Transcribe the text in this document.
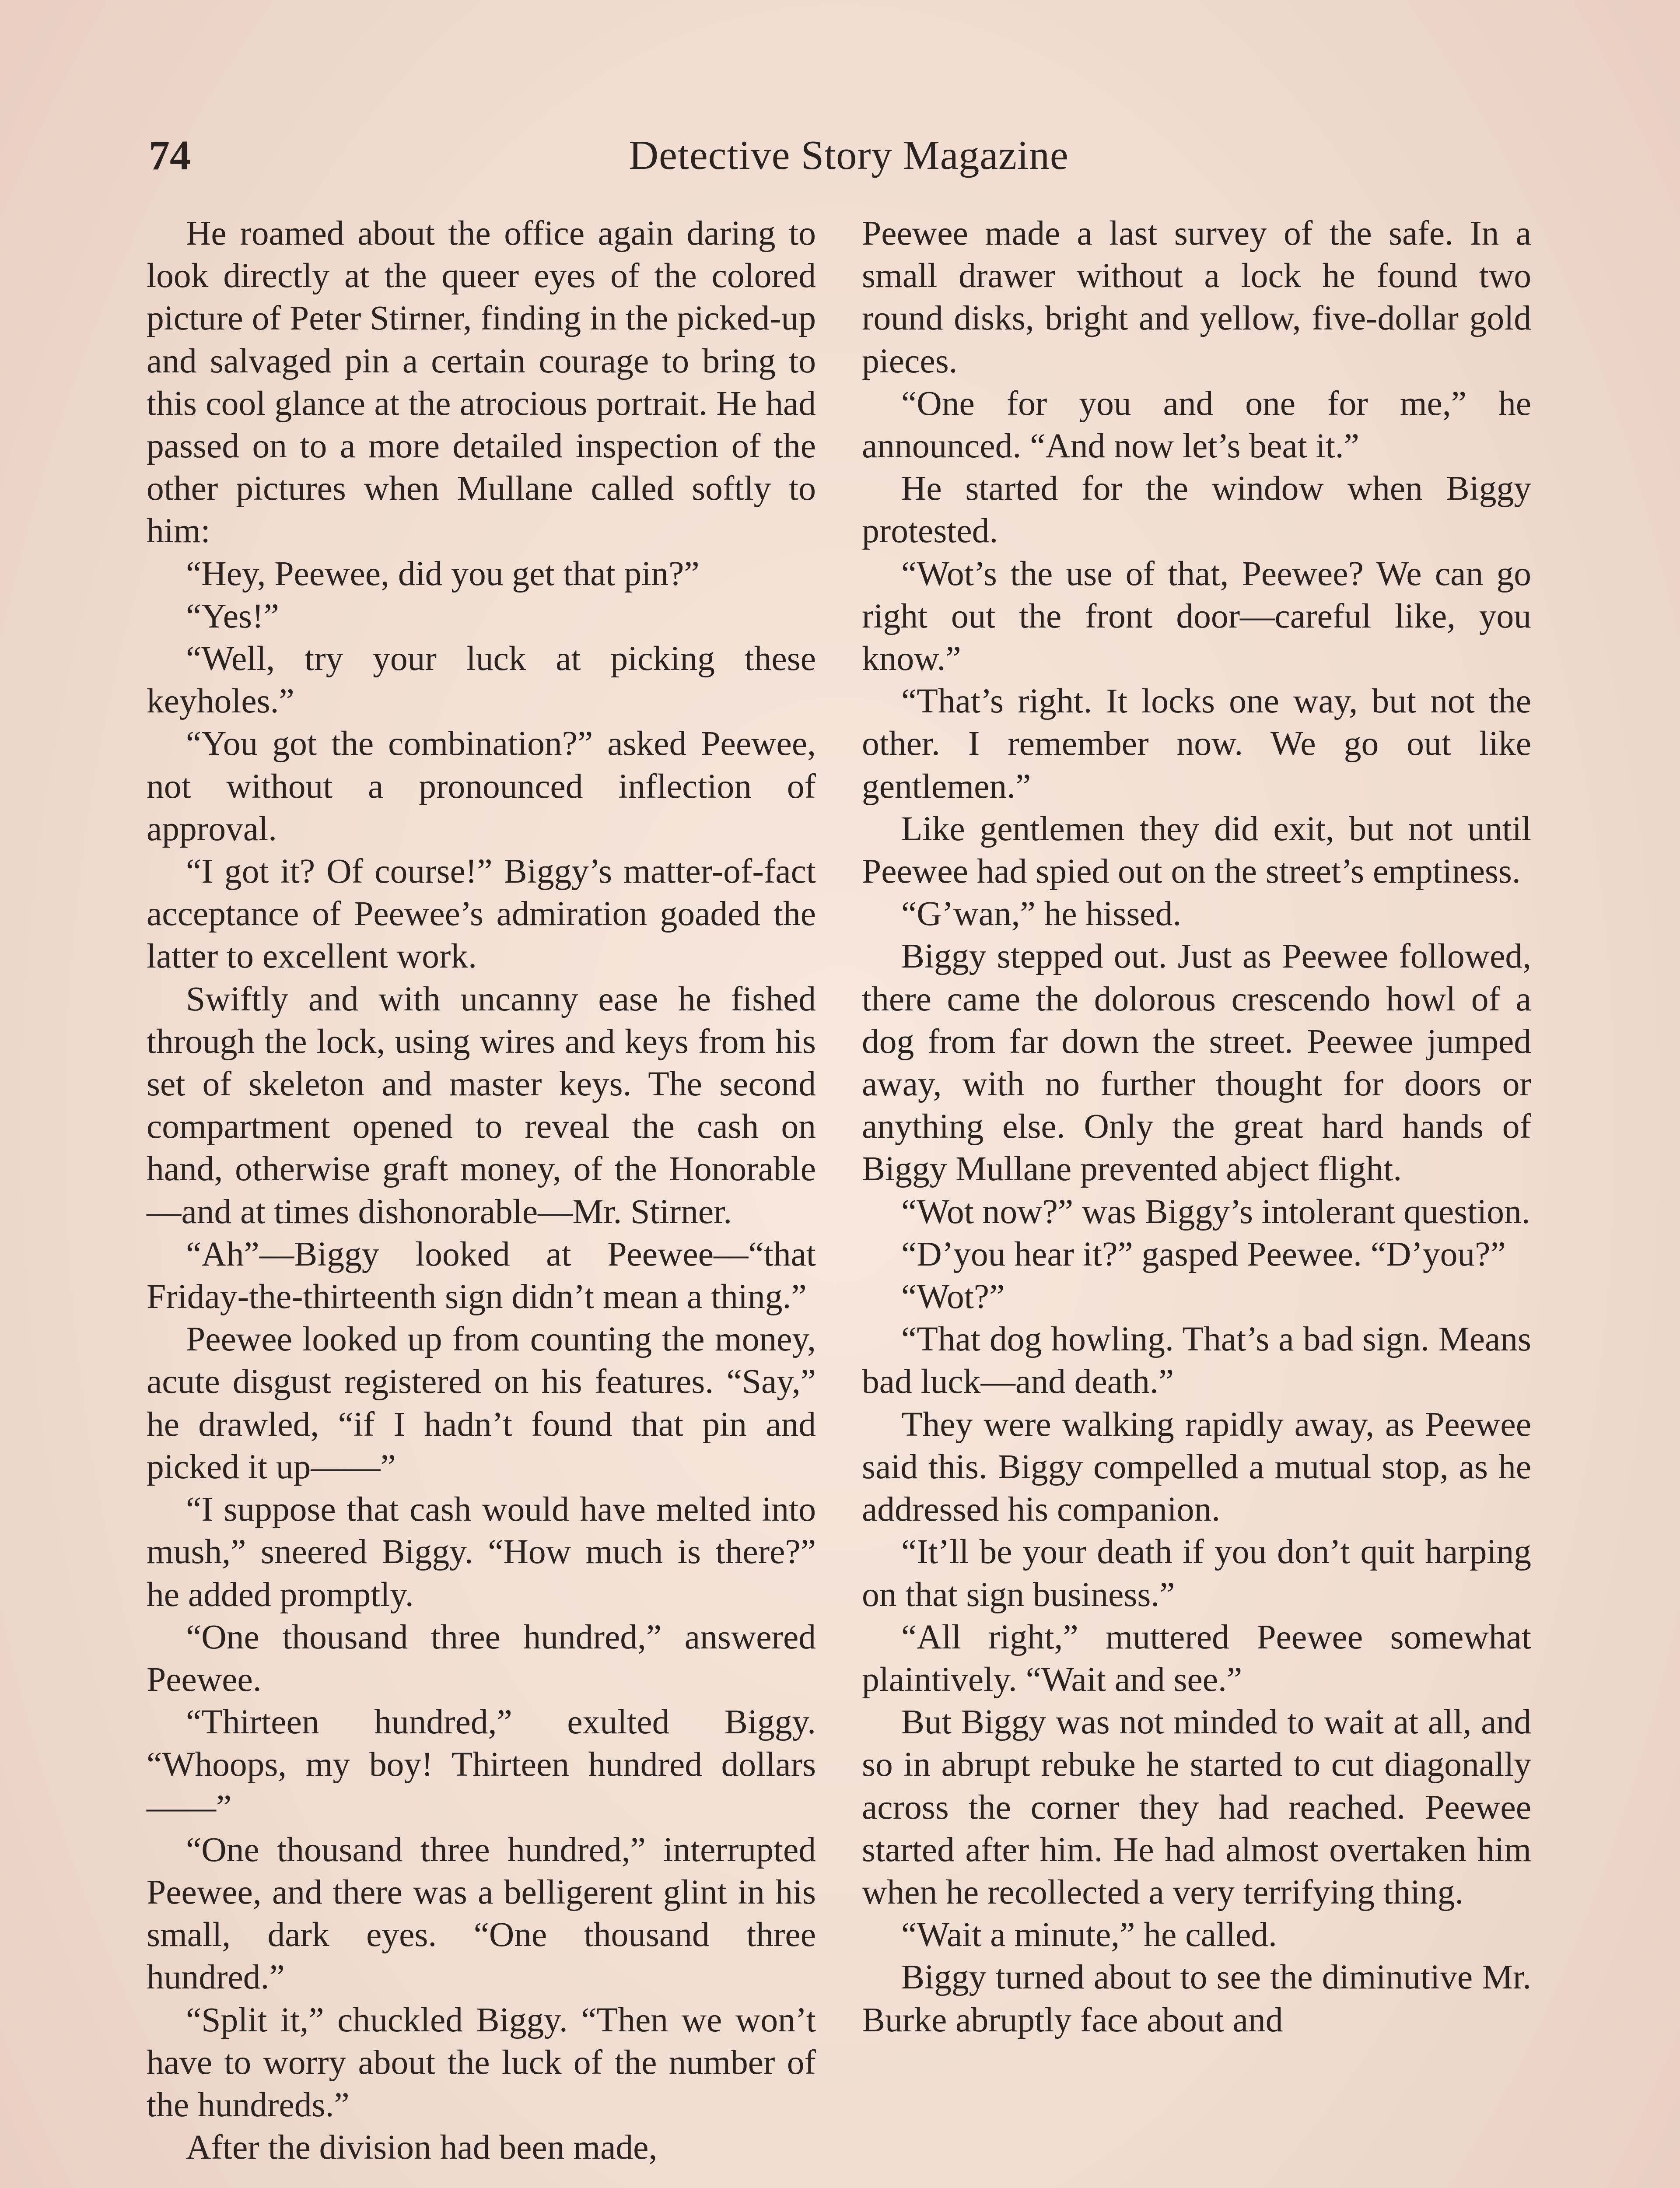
74	Detective Story Magazine

He roamed about the office again daring to look directly at the queer eyes of the colored picture of Peter Stirner, finding in the picked-up and salvaged pin a certain courage to bring to this cool glance at the atrocious portrait. He had passed on to a more detailed inspection of the other pictures when Mullane called softly to him:

“Hey, Peewee, did you get that pin?”

“Yes!”

“Well, try your luck at picking these keyholes.”

“You got the combination?” asked Peewee, not without a pronounced inflection of approval.

“I got it? Of course!” Biggy’s matter-of-fact acceptance of Peewee’s admiration goaded the latter to excellent work.

Swiftly and with uncanny ease he fished through the lock, using wires and keys from his set of skeleton and master keys. The second compartment opened to reveal the cash on hand, otherwise graft money, of the Honorable—and at times dishonorable—Mr. Stirner.

“Ah”—Biggy looked at Peewee—“that Friday-the-thirteenth sign didn’t mean a thing.”

Peewee looked up from counting the money, acute disgust registered on his features. “Say,” he drawled, “if I hadn’t found that pin and picked it up——”

“I suppose that cash would have melted into mush,” sneered Biggy. “How much is there?” he added promptly.

“One thousand three hundred,” answered Peewee.

“Thirteen hundred,” exulted Biggy. “Whoops, my boy! Thirteen hundred dollars——”

“One thousand three hundred,” interrupted Peewee, and there was a belligerent glint in his small, dark eyes. “One thousand three hundred.”

“Split it,” chuckled Biggy. “Then we won’t have to worry about the luck of the number of the hundreds.”

After the division had been made,

Peewee made a last survey of the safe. In a small drawer without a lock he found two round disks, bright and yellow, five-dollar gold pieces.

“One for you and one for me,” he announced. “And now let’s beat it.”

He started for the window when Biggy protested.

“Wot’s the use of that, Peewee? We can go right out the front door—careful like, you know.”

“That’s right. It locks one way, but not the other. I remember now. We go out like gentlemen.”

Like gentlemen they did exit, but not until Peewee had spied out on the street’s emptiness.

“G’wan,” he hissed.

Biggy stepped out. Just as Peewee followed, there came the dolorous crescendo howl of a dog from far down the street. Peewee jumped away, with no further thought for doors or anything else. Only the great hard hands of Biggy Mullane prevented abject flight.

“Wot now?” was Biggy’s intolerant question.

“D’you hear it?” gasped Peewee. “D’you?”

“Wot?”

“That dog howling. That’s a bad sign. Means bad luck—and death.”

They were walking rapidly away, as Peewee said this. Biggy compelled a mutual stop, as he addressed his companion.

“It’ll be your death if you don’t quit harping on that sign business.”

“All right,” muttered Peewee somewhat plaintively. “Wait and see.”

But Biggy was not minded to wait at all, and so in abrupt rebuke he started to cut diagonally across the corner they had reached. Peewee started after him. He had almost overtaken him when he recollected a very terrifying thing.

“Wait a minute,” he called.

Biggy turned about to see the diminutive Mr. Burke abruptly face about and
